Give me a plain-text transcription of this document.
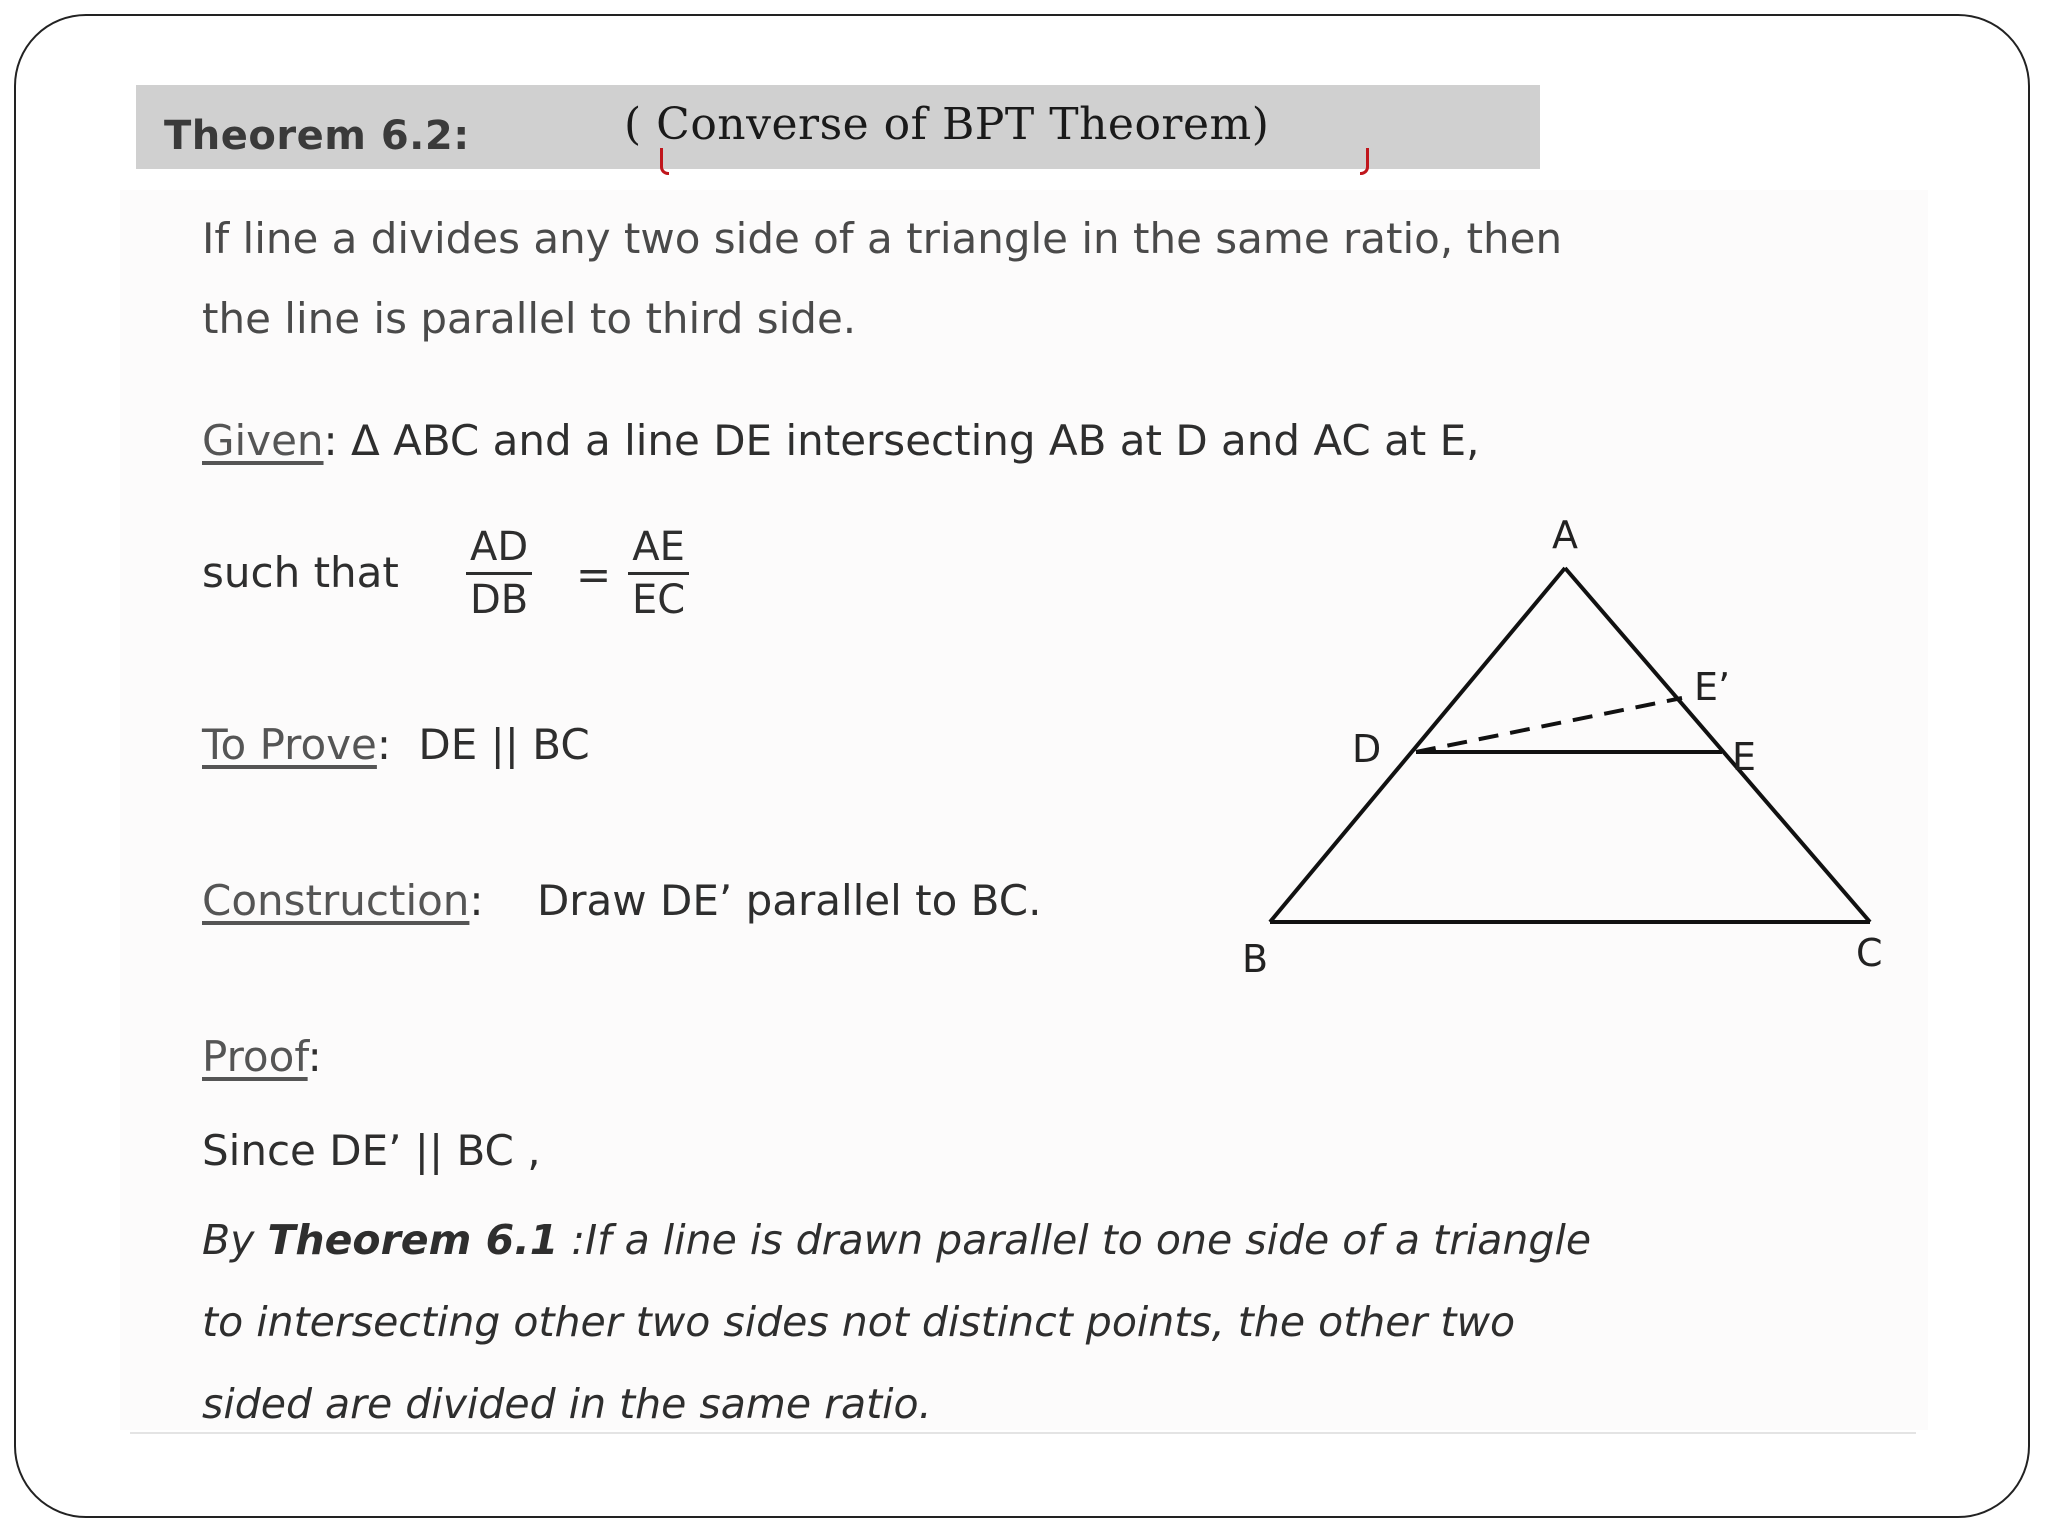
Theorem 6.2:	( Converse of BPT Theorem)
If line a divides any two side of a triangle in the same ratio, then
the line is parallel to third side.
Given: Δ ABC and a line DE intersecting AB at D and AC at E,
such that $\frac{AD}{DB} = \frac{AE}{EC}$
To Prove: DE || BC
Construction: Draw DE’ parallel to BC.
Proof:
Since DE’ || BC ,
By Theorem 6.1 :If a line is drawn parallel to one side of a triangle
to intersecting other two sides not distinct points, the other two
sided are divided in the same ratio.
A
B	C
D	E
E’
